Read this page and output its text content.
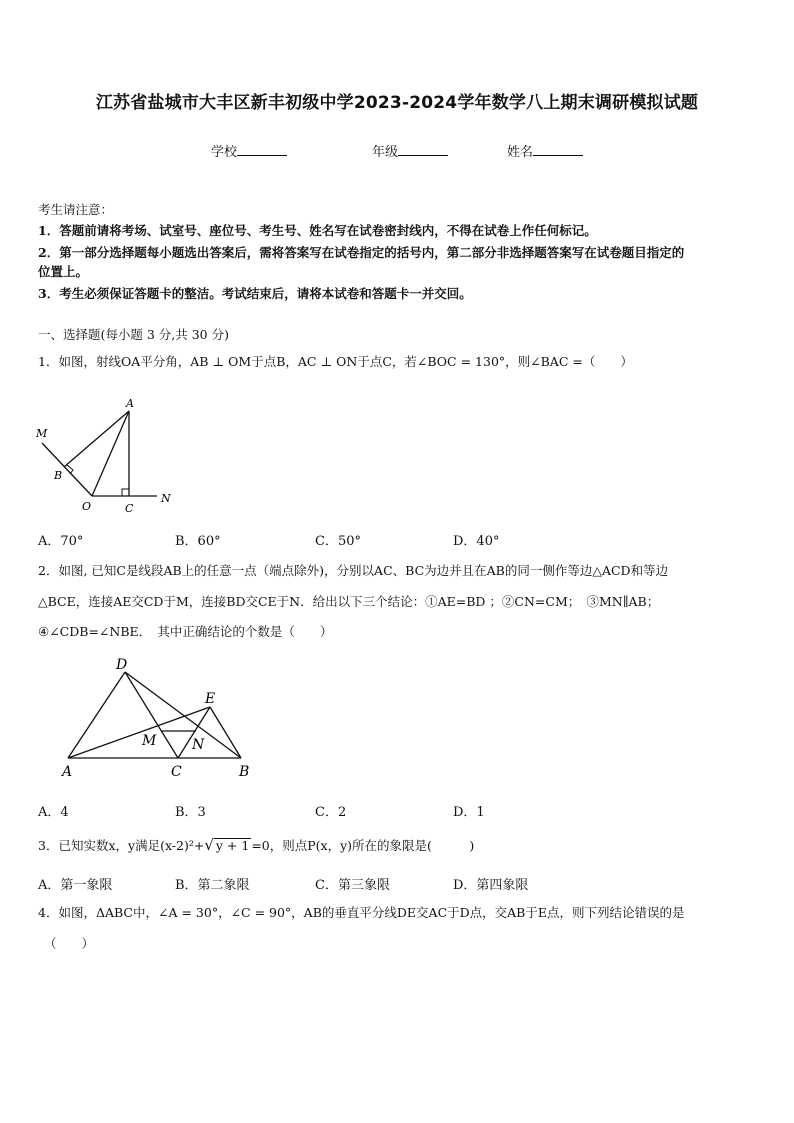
江苏省盐城市大丰区新丰初级中学2023-2024学年数学八上期末调研模拟试题
学校	年级	姓名
考生请注意：
1．答题前请将考场、试室号、座位号、考生号、姓名写在试卷密封线内，不得在试卷上作任何标记。
2．第一部分选择题每小题选出答案后，需将答案写在试卷指定的括号内，第二部分非选择题答案写在试卷题目指定的
位置上。
3．考生必须保证答题卡的整洁。考试结束后，请将本试卷和答题卡一并交回。
一、选择题(每小题 3 分,共 30 分)
1．如图，射线OA平分角，AB ⊥ OM于点B，AC ⊥ ON于点C，若∠BOC = 130°，则∠BAC =（　　）
A
M
B
O	C
N
A．70°	B．60°	C．50°	D．40°
2．如图, 已知C是线段AB上的任意一点（端点除外)，分别以AC、BC为边并且在AB的同一侧作等边△ACD和等边
△BCE，连接AE交CD于M，连接BD交CE于N．给出以下三个结论：①AE=BD ；②CN=CM；　③MN∥AB；
④∠CDB=∠NBE．　其中正确结论的个数是（　　）
D
E
M	N
A	C	B
A．4	B．3	C．2	D．1
3．已知实数x，y满足(x-2)²+√ y + 1 =0，则点P(x，y)所在的象限是(　　　)
A．第一象限	B．第二象限	C．第三象限	D．第四象限
4．如图，ΔABC中，∠A = 30°，∠C = 90°，AB的垂直平分线DE交AC于D点，交AB于E点，则下列结论错误的是
（　　）
